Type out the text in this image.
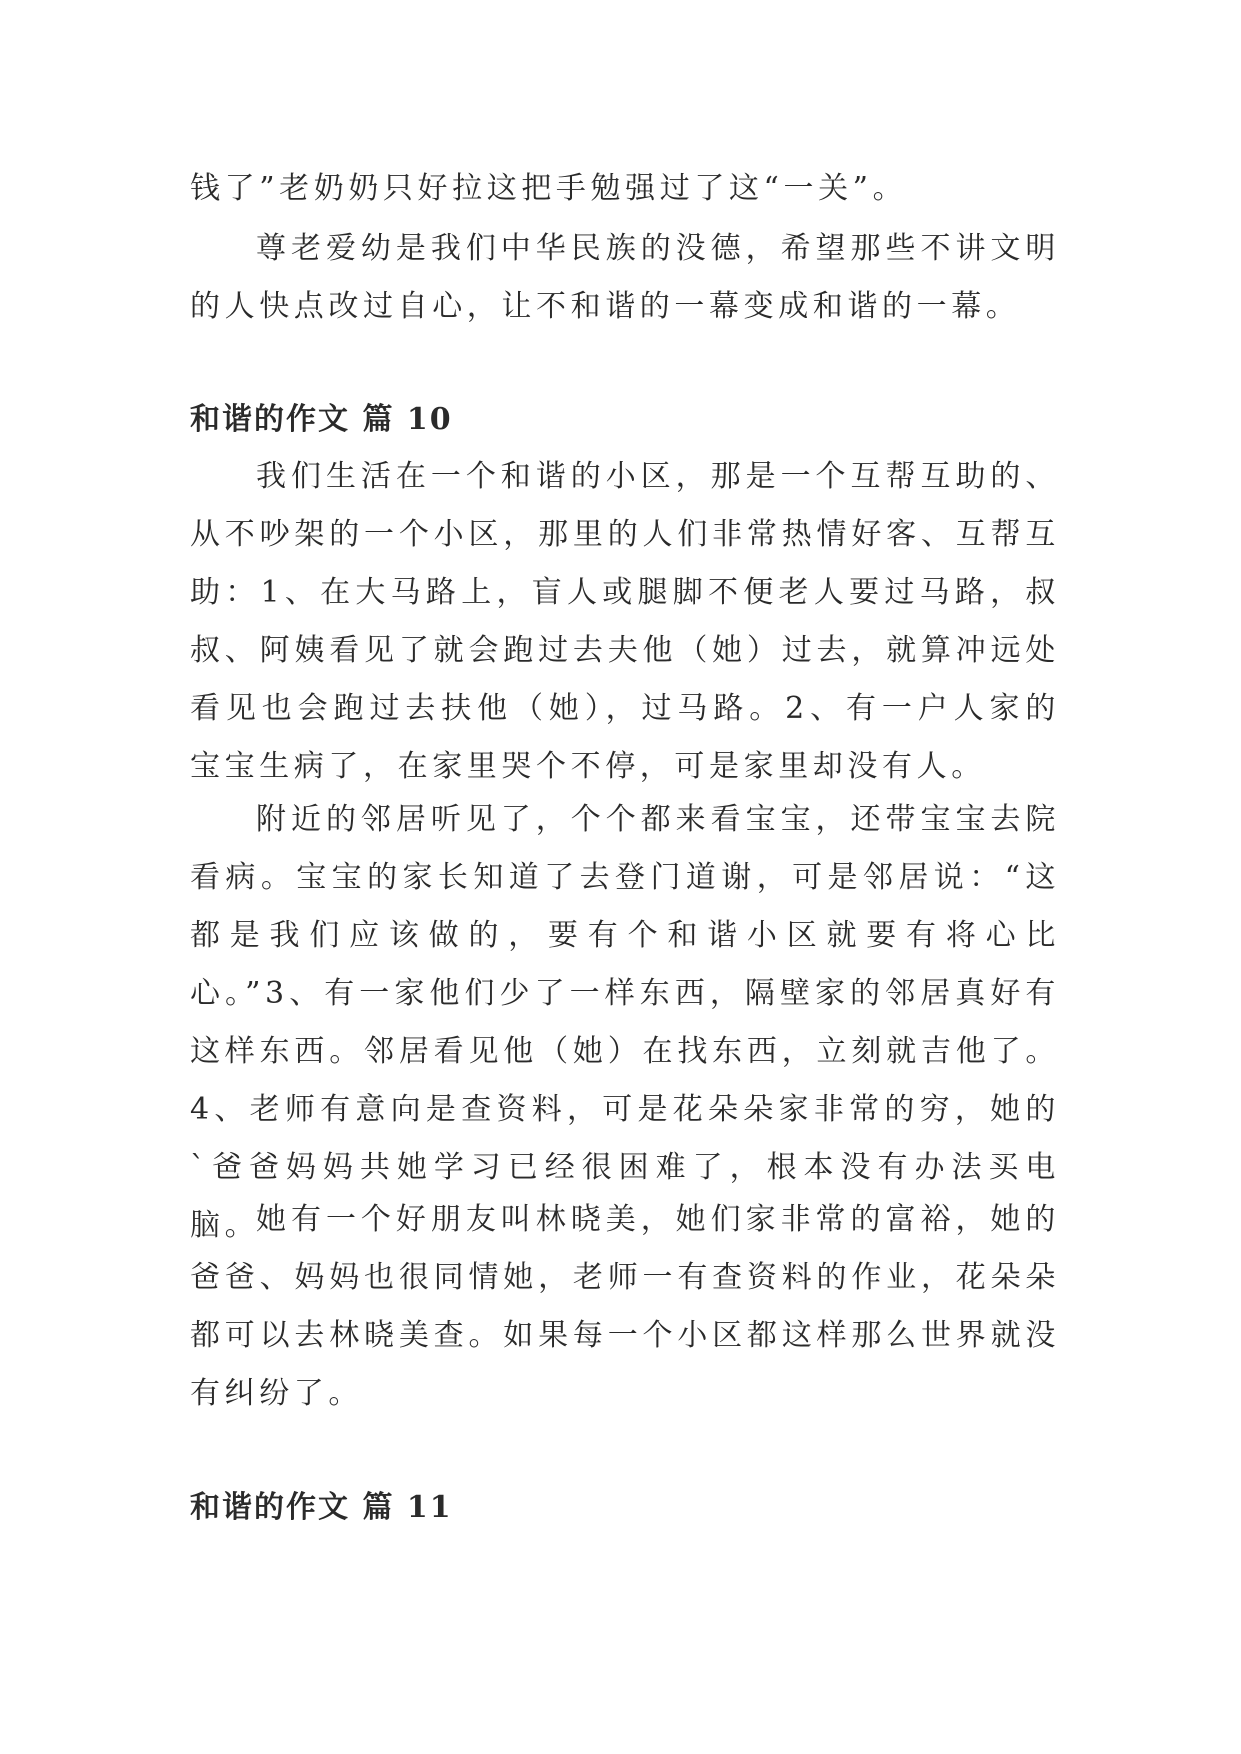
钱了”老奶奶只好拉这把手勉强过了这“一关”。

尊老爱幼是我们中华民族的没德，希望那些不讲文明的人快点改过自心，让不和谐的一幕变成和谐的一幕。

和谐的作文 篇 10

我们生活在一个和谐的小区，那是一个互帮互助的、从不吵架的一个小区，那里的人们非常热情好客、互帮互助：1、在大马路上，盲人或腿脚不便老人要过马路，叔叔、阿姨看见了就会跑过去夫他（她）过去，就算冲远处看见也会跑过去扶他（她），过马路。2、有一户人家的宝宝生病了，在家里哭个不停，可是家里却没有人。

附近的邻居听见了，个个都来看宝宝，还带宝宝去院看病。宝宝的家长知道了去登门道谢，可是邻居说：“这都是我们应该做的，要有个和谐小区就要有将心比心。”3、有一家他们少了一样东西，隔壁家的邻居真好有这样东西。邻居看见他（她）在找东西，立刻就吉他了。4、老师有意向是查资料，可是花朵朵家非常的穷，她的`爸爸妈妈共她学习已经很困难了，根本没有办法买电脑。

她有一个好朋友叫林晓美，她们家非常的富裕，她的爸爸、妈妈也很同情她，老师一有查资料的作业，花朵朵都可以去林晓美查。如果每一个小区都这样那么世界就没有纠纷了。

和谐的作文 篇 11
